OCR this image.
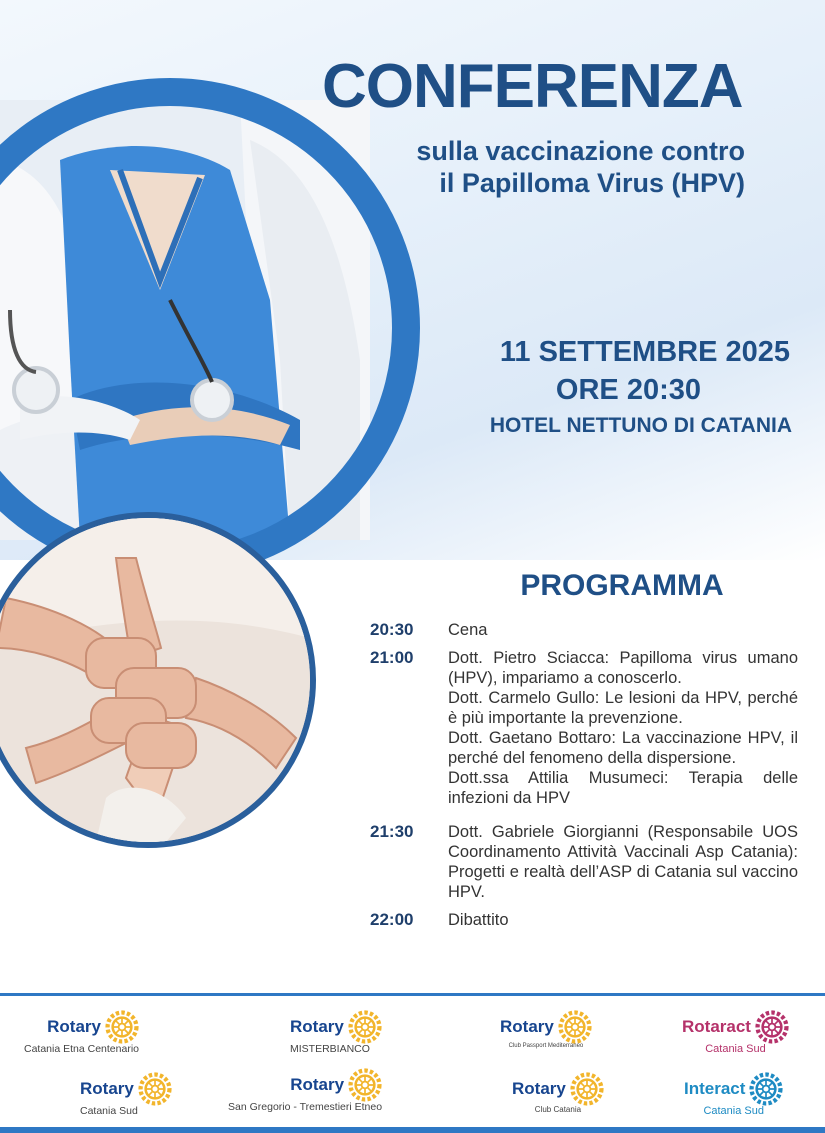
CONFERENZA
sulla vaccinazione contro
il Papilloma Virus (HPV)
11 SETTEMBRE 2025
ORE 20:30
HOTEL NETTUNO DI CATANIA
PROGRAMMA
20:30	Cena

21:00	Dott. Pietro Sciacca: Papilloma virus umano (HPV), impariamo a conoscerlo.

Dott. Carmelo Gullo: Le lesioni da HPV, perché è più importante la prevenzione.

Dott. Gaetano Bottaro: La vaccinazione HPV, il perché del fenomeno della dispersione.

Dott.ssa Attilia Musumeci: Terapia delle infezioni da HPV

21:30	Dott. Gabriele Giorgianni (Responsabile UOS Coordinamento Attività Vaccinali Asp Catania): Progetti e realtà dell’ASP di Catania sul vaccino HPV.

22:00	Dibattito

Rotary
Catania Etna Centenario
Rotary
MISTERBIANCO
Rotary
Club Passport Mediterraneo
Rotaract
Catania Sud
Rotary
Catania Sud
Rotary
San Gregorio - Tremestieri Etneo
Rotary
Club Catania
Interact
Catania Sud
